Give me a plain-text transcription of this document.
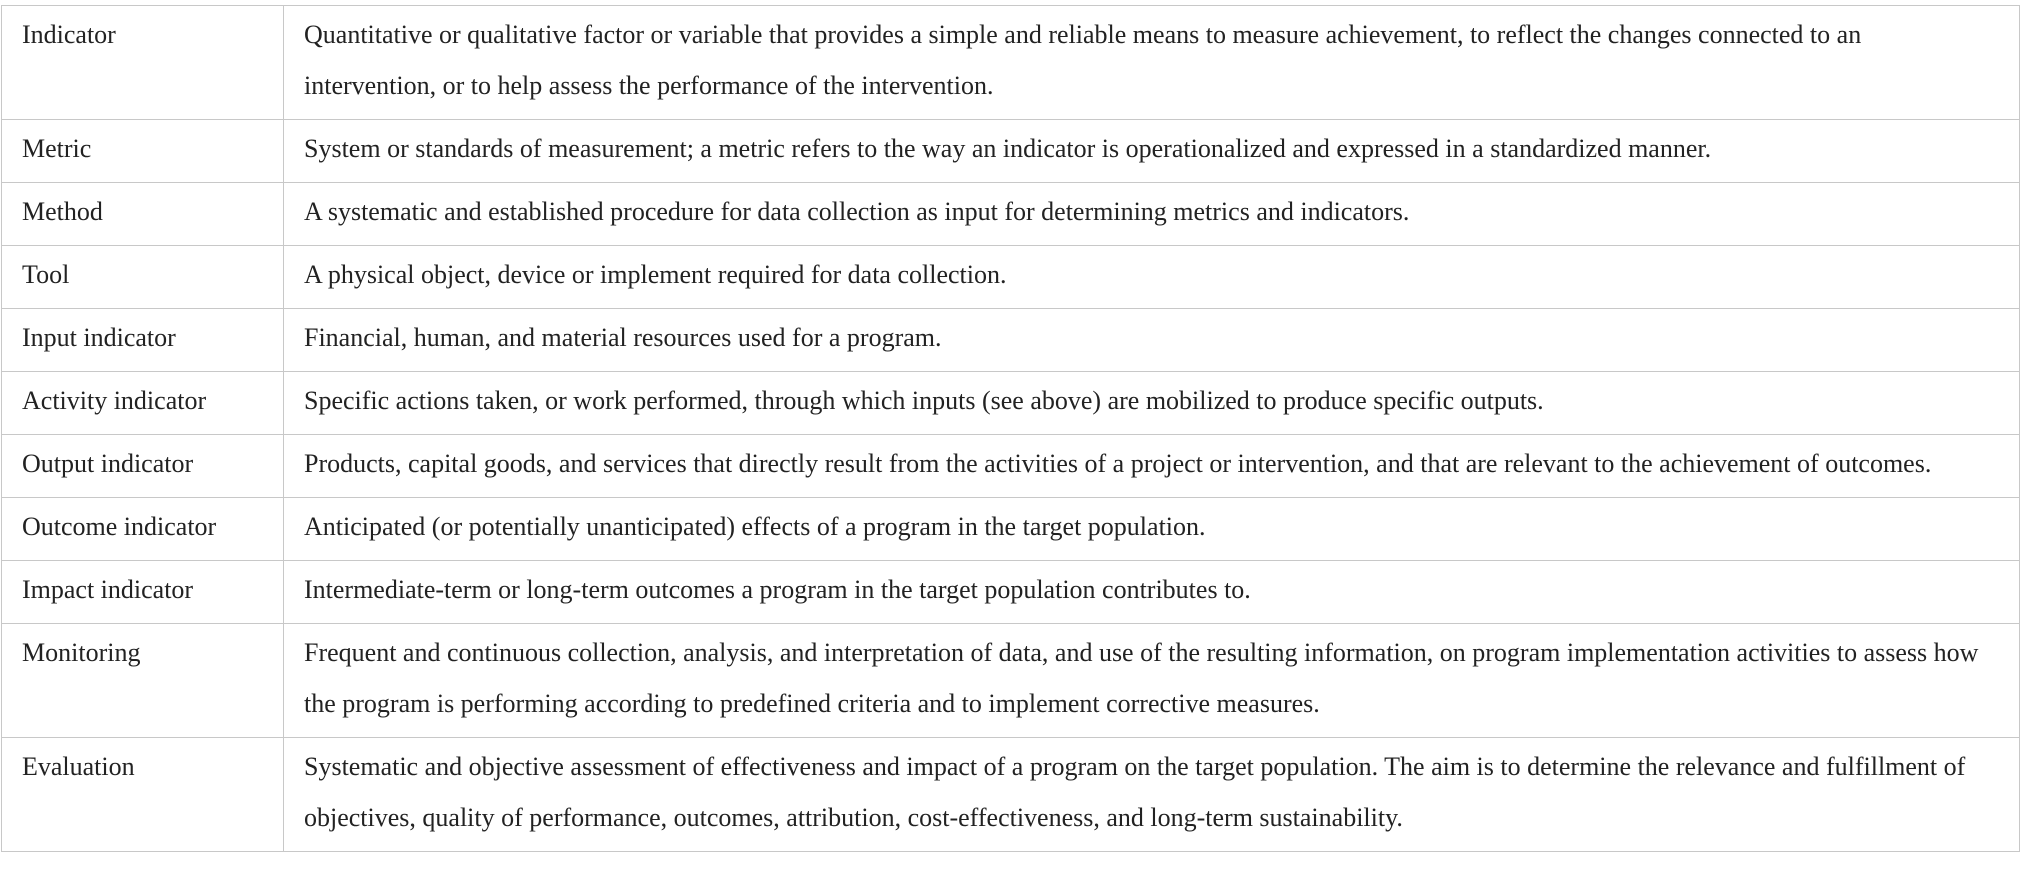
Indicator	Quantitative or qualitative factor or variable that provides a simple and reliable means to measure achievement, to reflect the changes connected to an intervention, or to help assess the performance of the intervention.
Metric	System or standards of measurement; a metric refers to the way an indicator is operationalized and expressed in a standardized manner.
Method	A systematic and established procedure for data collection as input for determining metrics and indicators.
Tool	A physical object, device or implement required for data collection.
Input indicator	Financial, human, and material resources used for a program.
Activity indicator	Specific actions taken, or work performed, through which inputs (see above) are mobilized to produce specific outputs.
Output indicator	Products, capital goods, and services that directly result from the activities of a project or intervention, and that are relevant to the achievement of outcomes.
Outcome indicator	Anticipated (or potentially unanticipated) effects of a program in the target population.
Impact indicator	Intermediate-term or long-term outcomes a program in the target population contributes to.
Monitoring	Frequent and continuous collection, analysis, and interpretation of data, and use of the resulting information, on program implementation activities to assess how the program is performing according to predefined criteria and to implement corrective measures.
Evaluation	Systematic and objective assessment of effectiveness and impact of a program on the target population. The aim is to determine the relevance and fulfillment of objectives, quality of performance, outcomes, attribution, cost-effectiveness, and long-term sustainability.
